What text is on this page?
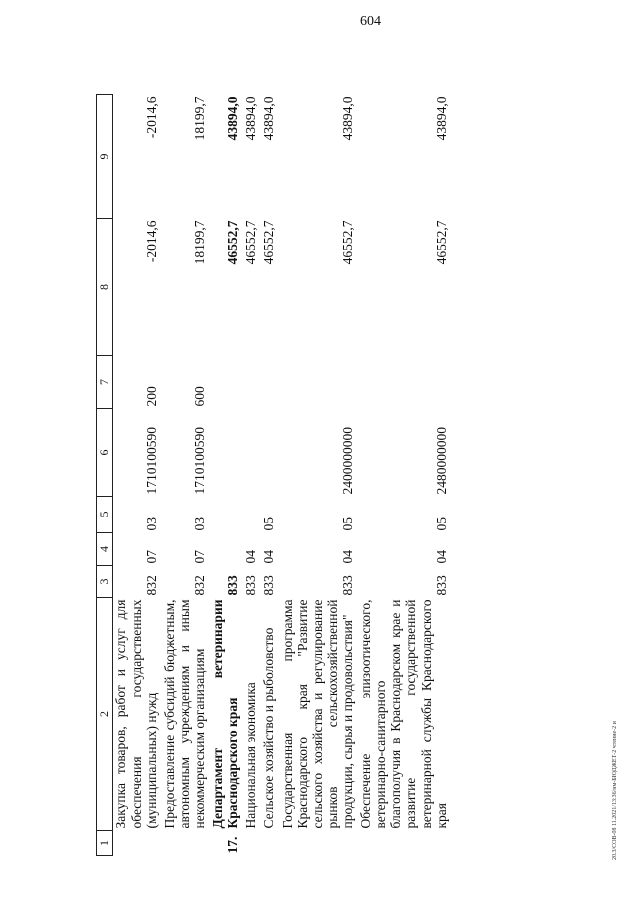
604
20.3/COB-08 11.2021/13:36/нм-БЮДЖЕТ-2 чтение-2 и
1	2	3	4	5	6	7	8	9
	Закупка товаров, работ и услуг для обеспечения государственных (муниципальных) нужд	832	07	03	1710100590	200	-2014,6	-2014,6
	Предоставление субсидий бюджетным, автономным учреждениям и иным некоммерческим организациям	832	07	03	1710100590	600	18199,7	18199,7
17.	Департамент ветеринарии Краснодарского края	833					46552,7	43894,0
	Национальная экономика	833	04				46552,7	43894,0
	Сельское хозяйство и рыболовство	833	04	05			46552,7	43894,0
	Государственная программа Краснодарского края "Развитие сельского хозяйства и регулирование рынков сельскохозяйственной продукции, сырья и продовольствия"	833	04	05	2400000000		46552,7	43894,0
	Обеспечение эпизоотического, ветеринарно-санитарного благополучия в Краснодарском крае и развитие государственной ветеринарной службы Краснодарского края	833	04	05	2480000000		46552,7	43894,0
